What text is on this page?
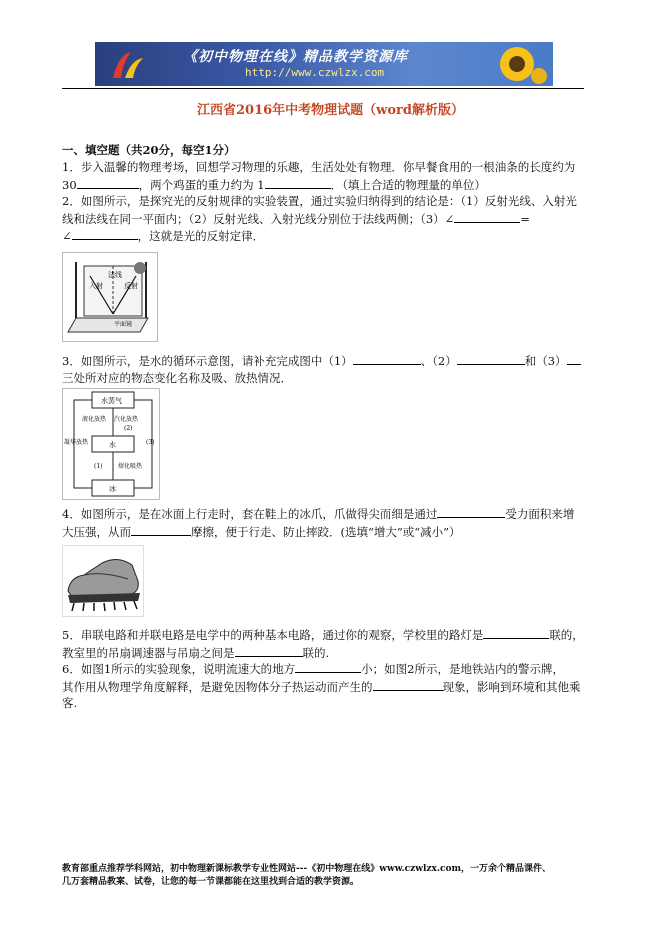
《初中物理在线》精品教学资源库
http://www.czwlzx.com
江西省2016年中考物理试题（word解析版）
一、填空题（共20分，每空1分）
1．步入温馨的物理考场，回想学习物理的乐趣，生活处处有物理．你早餐食用的一根油条的长度约为
30	，两个鸡蛋的重力约为 1	．（填上合适的物理量的单位）
2．如图所示，是探究光的反射规律的实验装置，通过实验归纳得到的结论是：（1）反射光线、入射光
线和法线在同一平面内；（2）反射光线、入射光线分别位于法线两侧；（3）∠	=
∠	，这就是光的反射定律．
法线
入射	反射
平面镜
3．如图所示，是水的循环示意图，请补充完成图中（1）	、（2）	和（3）
三处所对应的物态变化名称及吸、放热情况．
水蒸气
液化放热 汽化放热
凝华放热	水
(2)
(1)	熔化吸热
冰
(3)
4．如图所示，是在冰面上行走时，套在鞋上的冰爪，爪做得尖而细是通过	受力面积来增
大压强，从而	摩擦，便于行走、防止摔跤．(选填“增大”或“减小”）
5．串联电路和并联电路是电学中的两种基本电路，通过你的观察，学校里的路灯是	联的，
教室里的吊扇调速器与吊扇之间是	联的.
6．如图1所示的实验现象，说明流速大的地方	小；如图2所示，是地铁站内的警示牌，
其作用从物理学角度解释，是避免因物体分子热运动而产生的	现象，影响到环境和其他乘
客.
教育部重点推荐学科网站，初中物理新课标教学专业性网站---《初中物理在线》www.czwlzx.com，一万余个精品课件、
几万套精品教案、试卷，让您的每一节课都能在这里找到合适的教学资源。
